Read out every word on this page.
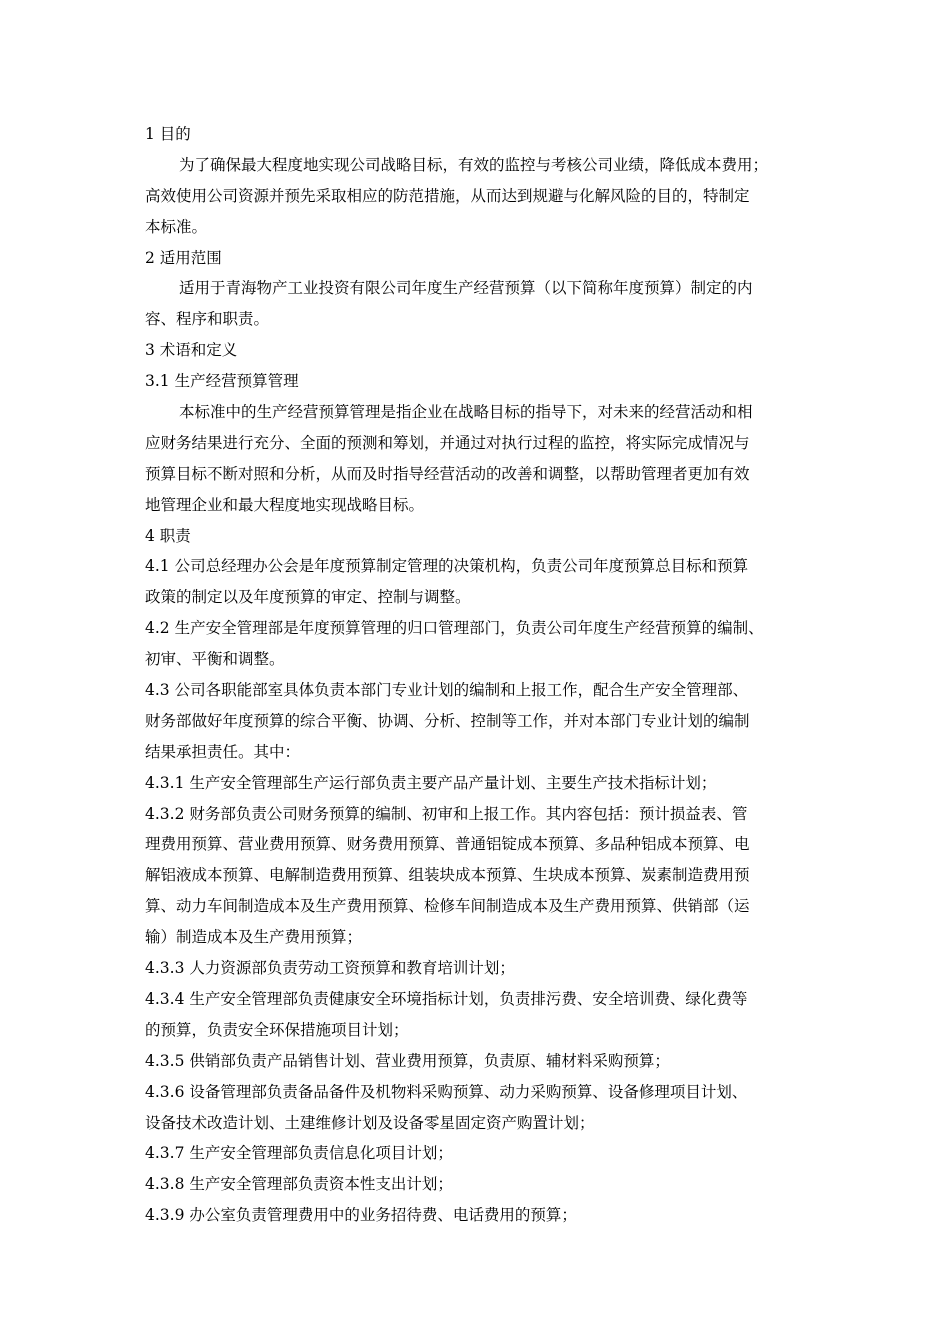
1 目的

为了确保最大程度地实现公司战略目标，有效的监控与考核公司业绩，降低成本费用；

高效使用公司资源并预先采取相应的防范措施，从而达到规避与化解风险的目的，特制定

本标准。

2 适用范围

适用于青海物产工业投资有限公司年度生产经营预算（以下简称年度预算）制定的内

容、程序和职责。

3 术语和定义

3.1 生产经营预算管理

本标准中的生产经营预算管理是指企业在战略目标的指导下，对未来的经营活动和相

应财务结果进行充分、全面的预测和筹划，并通过对执行过程的监控，将实际完成情况与

预算目标不断对照和分析，从而及时指导经营活动的改善和调整，以帮助管理者更加有效

地管理企业和最大程度地实现战略目标。

4 职责

4.1 公司总经理办公会是年度预算制定管理的决策机构，负责公司年度预算总目标和预算

政策的制定以及年度预算的审定、控制与调整。

4.2 生产安全管理部是年度预算管理的归口管理部门，负责公司年度生产经营预算的编制、

初审、平衡和调整。

4.3 公司各职能部室具体负责本部门专业计划的编制和上报工作，配合生产安全管理部、

财务部做好年度预算的综合平衡、协调、分析、控制等工作，并对本部门专业计划的编制

结果承担责任。其中：

4.3.1 生产安全管理部生产运行部负责主要产品产量计划、主要生产技术指标计划；

4.3.2 财务部负责公司财务预算的编制、初审和上报工作。其内容包括：预计损益表、管

理费用预算、营业费用预算、财务费用预算、普通铝锭成本预算、多品种铝成本预算、电

解铝液成本预算、电解制造费用预算、组装块成本预算、生块成本预算、炭素制造费用预

算、动力车间制造成本及生产费用预算、检修车间制造成本及生产费用预算、供销部（运

输）制造成本及生产费用预算；

4.3.3 人力资源部负责劳动工资预算和教育培训计划；

4.3.4 生产安全管理部负责健康安全环境指标计划，负责排污费、安全培训费、绿化费等

的预算，负责安全环保措施项目计划；

4.3.5 供销部负责产品销售计划、营业费用预算，负责原、辅材料采购预算；

4.3.6 设备管理部负责备品备件及机物料采购预算、动力采购预算、设备修理项目计划、

设备技术改造计划、土建维修计划及设备零星固定资产购置计划；

4.3.7 生产安全管理部负责信息化项目计划；

4.3.8 生产安全管理部负责资本性支出计划；

4.3.9 办公室负责管理费用中的业务招待费、电话费用的预算；
